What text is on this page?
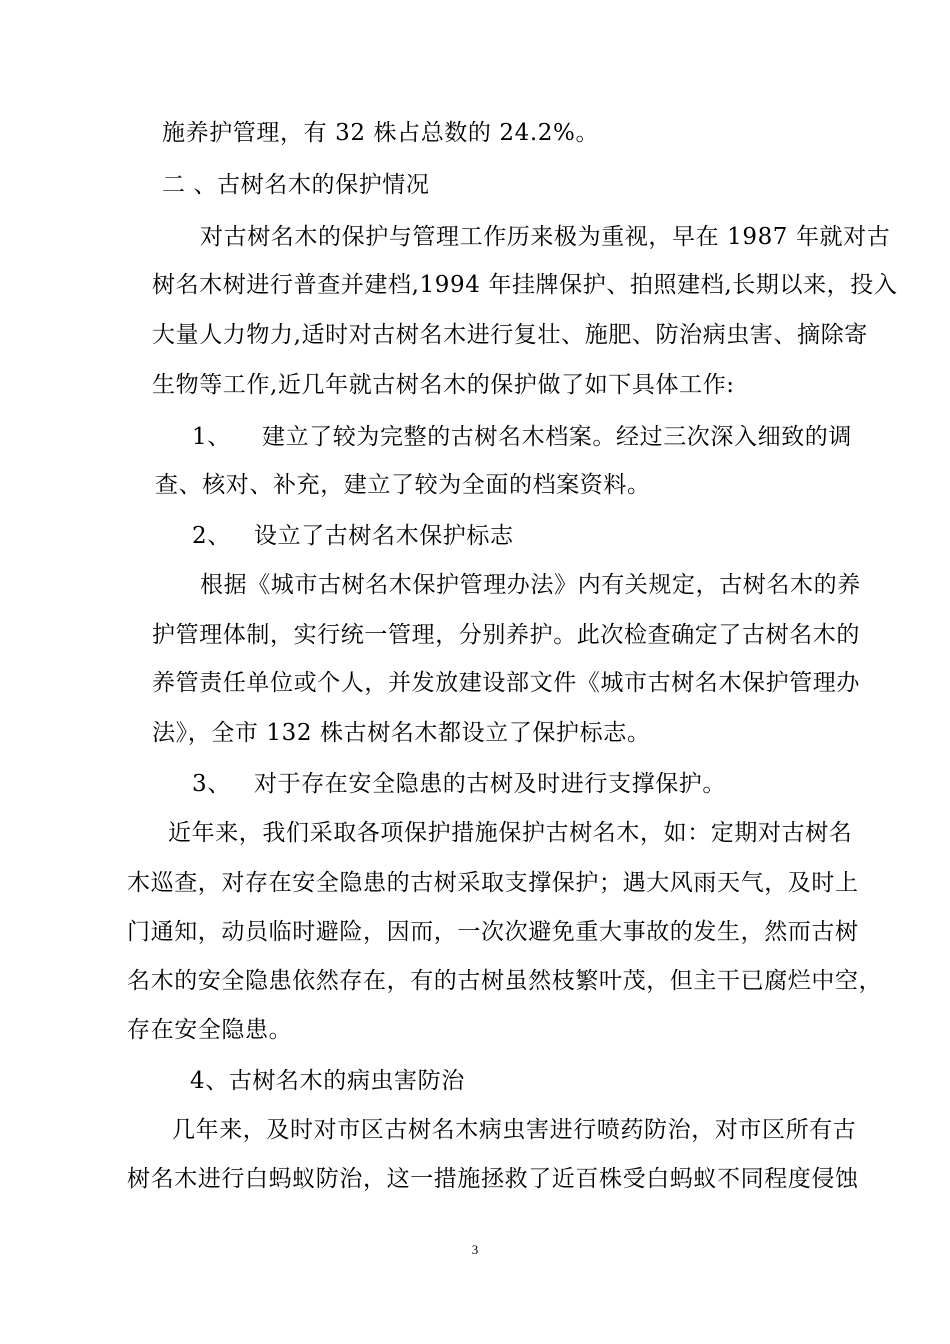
施养护管理，有 32 株占总数的 24.2%。
二 、古树名木的保护情况
对古树名木的保护与管理工作历来极为重视，早在 1987 年就对古
树名木树进行普查并建档,1994 年挂牌保护、拍照建档,长期以来，投入
大量人力物力,适时对古树名木进行复壮、施肥、防治病虫害、摘除寄
生物等工作,近几年就古树名木的保护做了如下具体工作:
1、 建立了较为完整的古树名木档案。经过三次深入细致的调
查、核对、补充，建立了较为全面的档案资料。
2、 设立了古树名木保护标志
根据《城市古树名木保护管理办法》内有关规定，古树名木的养
护管理体制，实行统一管理，分别养护。此次检查确定了古树名木的
养管责任单位或个人，并发放建设部文件《城市古树名木保护管理办
法》，全市 132 株古树名木都设立了保护标志。
3、 对于存在安全隐患的古树及时进行支撑保护。
近年来，我们采取各项保护措施保护古树名木，如：定期对古树名
木巡查，对存在安全隐患的古树采取支撑保护；遇大风雨天气，及时上
门通知，动员临时避险，因而，一次次避免重大事故的发生，然而古树
名木的安全隐患依然存在，有的古树虽然枝繁叶茂，但主干已腐烂中空，
存在安全隐患。
4、古树名木的病虫害防治
几年来，及时对市区古树名木病虫害进行喷药防治，对市区所有古
树名木进行白蚂蚁防治，这一措施拯救了近百株受白蚂蚁不同程度侵蚀
3
